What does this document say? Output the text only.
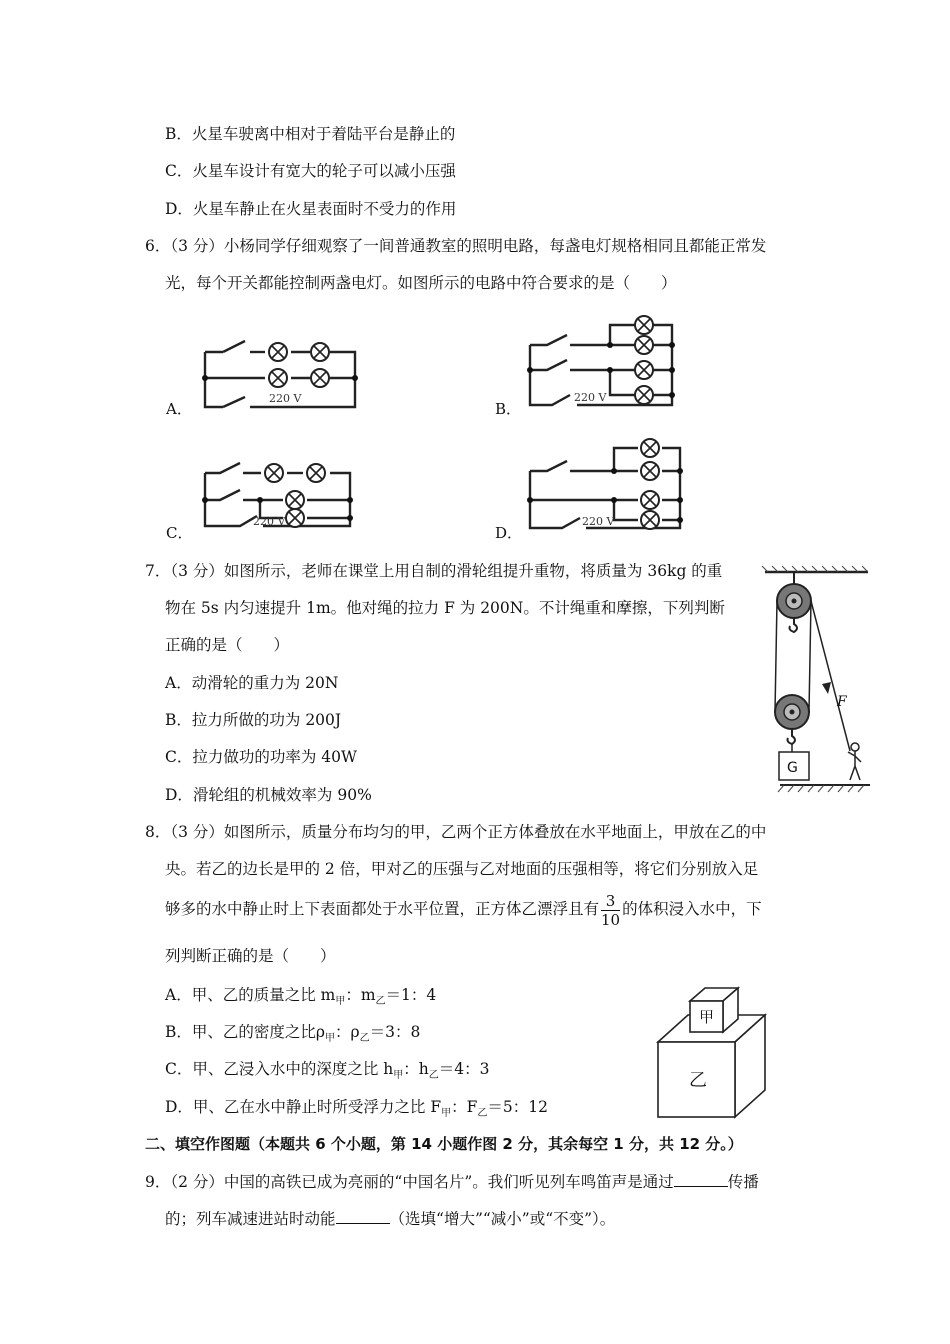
B．火星车驶离中相对于着陆平台是静止的
C．火星车设计有宽大的轮子可以减小压强
D．火星车静止在火星表面时不受力的作用
6．（3 分）小杨同学仔细观察了一间普通教室的照明电路，每盏电灯规格相同且都能正常发
光，每个开关都能控制两盏电灯。如图所示的电路中符合要求的是（　　）
A．
220 V
B．
220 V
C．
220 V
D．
220 V
7．（3 分）如图所示，老师在课堂上用自制的滑轮组提升重物，将质量为 36kg 的重
物在 5s 内匀速提升 1m。他对绳的拉力 F 为 200N。不计绳重和摩擦，下列判断
正确的是（　　）
A．动滑轮的重力为 20N
B．拉力所做的功为 200J
C．拉力做功的功率为 40W
D．滑轮组的机械效率为 90%
F
G
8．（3 分）如图所示，质量分布均匀的甲，乙两个正方体叠放在水平地面上，甲放在乙的中
央。若乙的边长是甲的 2 倍，甲对乙的压强与乙对地面的压强相等，将它们分别放入足
够多的水中静止时上下表面都处于水平位置，正方体乙漂浮且有 $\frac{3}{10}$ 的体积浸入水中，下
列判断正确的是（　　）
A．甲、乙的质量之比 $m_甲$：$m_乙=1$：4
B．甲、乙的密度之比$\rho_甲$：$\rho_乙=3$：8
C．甲、乙浸入水中的深度之比 $h_甲$：$h_乙=4$：3
D．甲、乙在水中静止时所受浮力之比 $F_甲$：$F_乙=5$：12
甲
乙
二、填空作图题（本题共 6 个小题，第 14 小题作图 2 分，其余每空 1 分，共 12 分。）
9．（2 分）中国的高铁已成为亮丽的“中国名片”。我们听见列车鸣笛声是通过	传播
的；列车减速进站时动能	（选填“增大”“减小”或“不变”）。
